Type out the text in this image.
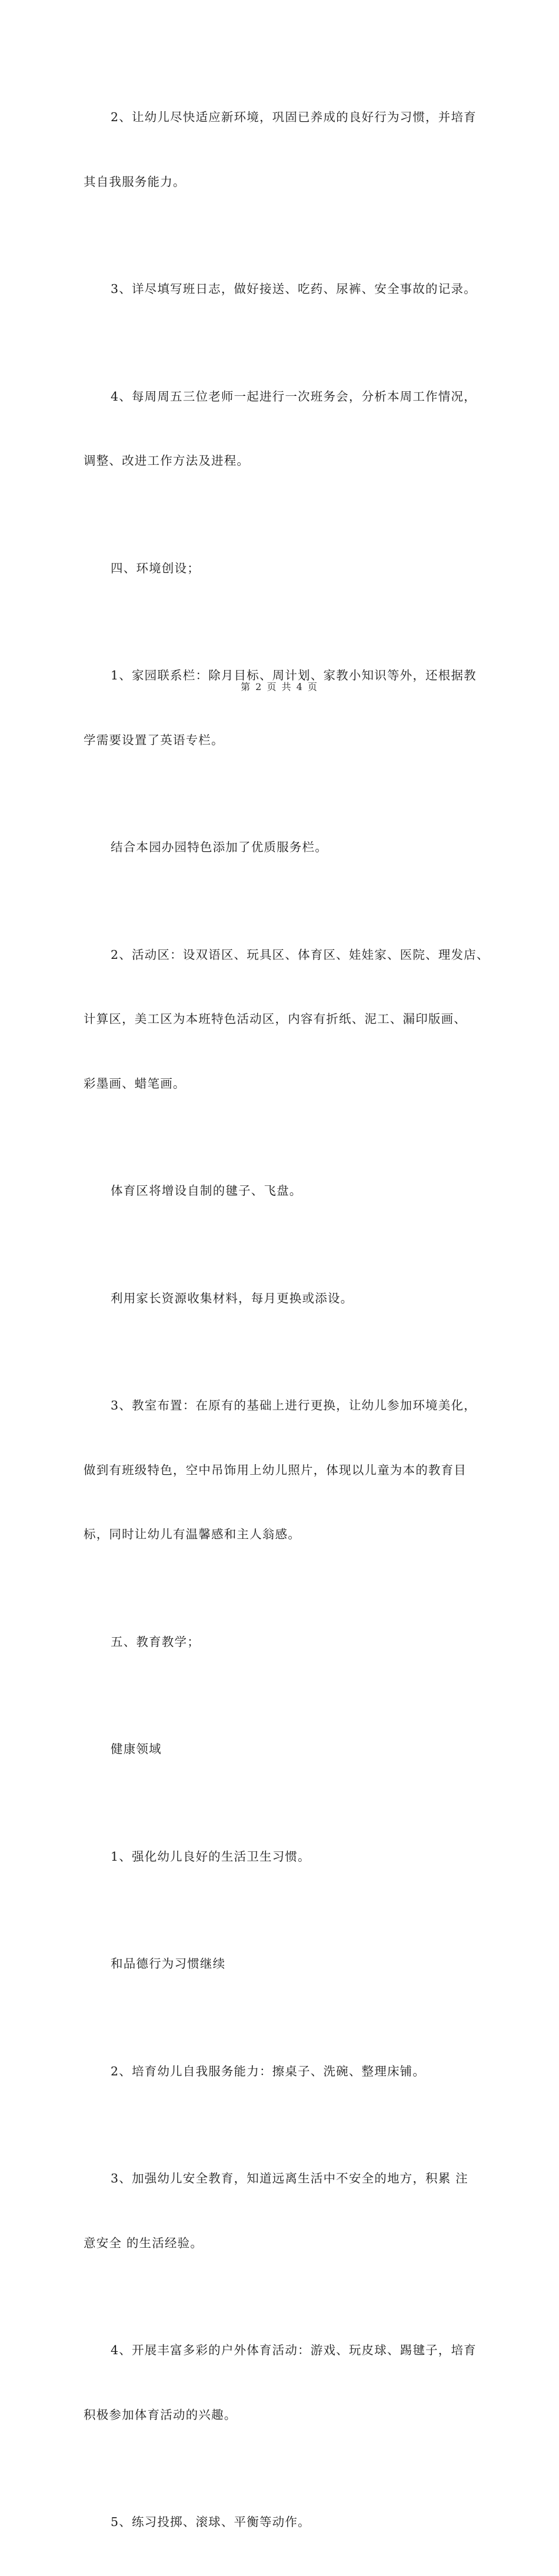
2、让幼儿尽快适应新环境，巩固已养成的良好行为习惯，并培育

其自我服务能力。

3、详尽填写班日志，做好接送、吃药、尿裤、安全事故的记录。

4、每周周五三位老师一起进行一次班务会，分析本周工作情况，

调整、改进工作方法及进程。

四、环境创设；

1、家园联系栏：除月目标、周计划、家教小知识等外，还根据教

学需要设置了英语专栏。

结合本园办园特色添加了优质服务栏。

2、活动区：设双语区、玩具区、体育区、娃娃家、医院、理发店、

计算区，美工区为本班特色活动区，内容有折纸、泥工、漏印版画、

彩墨画、蜡笔画。

体育区将增设自制的毽子、飞盘。

利用家长资源收集材料，每月更换或添设。

3、教室布置：在原有的基础上进行更换，让幼儿参加环境美化，

做到有班级特色，空中吊饰用上幼儿照片，体现以儿童为本的教育目

标，同时让幼儿有温馨感和主人翁感。

五、教育教学；

健康领域

1、强化幼儿良好的生活卫生习惯。

和品德行为习惯继续

2、培育幼儿自我服务能力：擦桌子、洗碗、整理床铺。

3、加强幼儿安全教育，知道远离生活中不安全的地方，积累 注

意安全 的生活经验。

4、开展丰富多彩的户外体育活动：游戏、玩皮球、踢毽子，培育

积极参加体育活动的兴趣。

5、练习投掷、滚球、平衡等动作。

第 2 页 共 4 页
